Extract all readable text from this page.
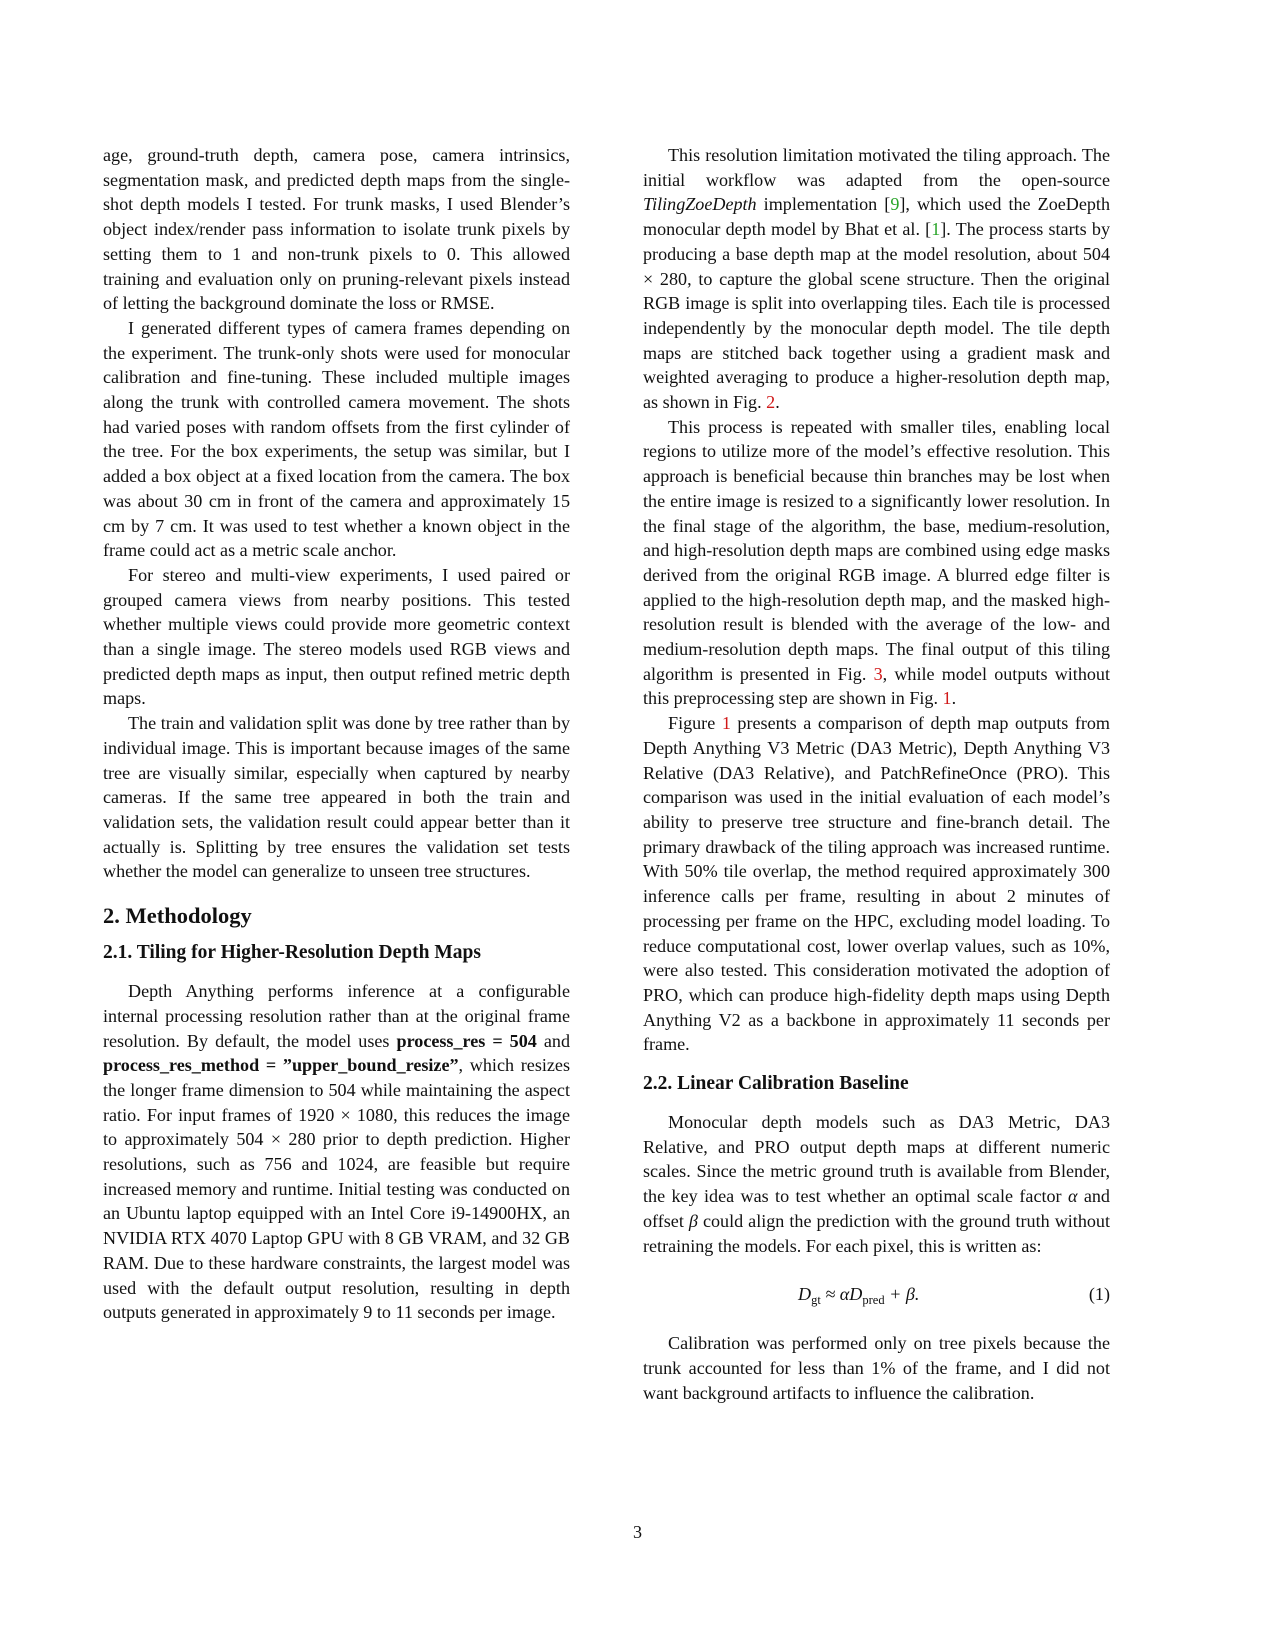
age, ground-truth depth, camera pose, camera intrinsics, segmentation mask, and predicted depth maps from the single-shot depth models I tested. For trunk masks, I used Blender’s object index/render pass information to isolate trunk pixels by setting them to 1 and non-trunk pixels to 0. This allowed training and evaluation only on pruning-relevant pixels instead of letting the background dominate the loss or RMSE.

I generated different types of camera frames depending on the experiment. The trunk-only shots were used for monocular calibration and fine-tuning. These included multiple images along the trunk with controlled camera movement. The shots had varied poses with random offsets from the first cylinder of the tree. For the box experiments, the setup was similar, but I added a box object at a fixed location from the camera. The box was about 30 cm in front of the camera and approximately 15 cm by 7 cm. It was used to test whether a known object in the frame could act as a metric scale anchor.

For stereo and multi-view experiments, I used paired or grouped camera views from nearby positions. This tested whether multiple views could provide more geometric context than a single image. The stereo models used RGB views and predicted depth maps as input, then output refined metric depth maps.

The train and validation split was done by tree rather than by individual image. This is important because images of the same tree are visually similar, especially when captured by nearby cameras. If the same tree appeared in both the train and validation sets, the validation result could appear better than it actually is. Splitting by tree ensures the validation set tests whether the model can generalize to unseen tree structures.

2. Methodology
2.1. Tiling for Higher-Resolution Depth Maps

Depth Anything performs inference at a configurable internal processing resolution rather than at the original frame resolution. By default, the model uses process_res = 504 and process_res_method = ”upper_bound_resize”, which resizes the longer frame dimension to 504 while maintaining the aspect ratio. For input frames of 1920 × 1080, this reduces the image to approximately 504 × 280 prior to depth prediction. Higher resolutions, such as 756 and 1024, are feasible but require increased memory and runtime. Initial testing was conducted on an Ubuntu laptop equipped with an Intel Core i9-14900HX, an NVIDIA RTX 4070 Laptop GPU with 8 GB VRAM, and 32 GB RAM. Due to these hardware constraints, the largest model was used with the default output resolution, resulting in depth outputs generated in approximately 9 to 11 seconds per image.

This resolution limitation motivated the tiling approach. The initial workflow was adapted from the open-source TilingZoeDepth implementation [9], which used the ZoeDepth monocular depth model by Bhat et al. [1]. The process starts by producing a base depth map at the model resolution, about 504 × 280, to capture the global scene structure. Then the original RGB image is split into overlapping tiles. Each tile is processed independently by the monocular depth model. The tile depth maps are stitched back together using a gradient mask and weighted averaging to produce a higher-resolution depth map, as shown in Fig. 2.

This process is repeated with smaller tiles, enabling local regions to utilize more of the model’s effective resolution. This approach is beneficial because thin branches may be lost when the entire image is resized to a significantly lower resolution. In the final stage of the algorithm, the base, medium-resolution, and high-resolution depth maps are combined using edge masks derived from the original RGB image. A blurred edge filter is applied to the high-resolution depth map, and the masked high-resolution result is blended with the average of the low- and medium-resolution depth maps. The final output of this tiling algorithm is presented in Fig. 3, while model outputs without this preprocessing step are shown in Fig. 1.

Figure 1 presents a comparison of depth map outputs from Depth Anything V3 Metric (DA3 Metric), Depth Anything V3 Relative (DA3 Relative), and PatchRefineOnce (PRO). This comparison was used in the initial evaluation of each model’s ability to preserve tree structure and fine-branch detail. The primary drawback of the tiling approach was increased runtime. With 50% tile overlap, the method required approximately 300 inference calls per frame, resulting in about 2 minutes of processing per frame on the HPC, excluding model loading. To reduce computational cost, lower overlap values, such as 10%, were also tested. This consideration motivated the adoption of PRO, which can produce high-fidelity depth maps using Depth Anything V2 as a backbone in approximately 11 seconds per frame.

2.2. Linear Calibration Baseline

Monocular depth models such as DA3 Metric, DA3 Relative, and PRO output depth maps at different numeric scales. Since the metric ground truth is available from Blender, the key idea was to test whether an optimal scale factor α and offset β could align the prediction with the ground truth without retraining the models. For each pixel, this is written as:

$D_{gt} \approx \alpha D_{pred} + \beta$.	(1)

Calibration was performed only on tree pixels because the trunk accounted for less than 1% of the frame, and I did not want background artifacts to influence the calibration.

3
